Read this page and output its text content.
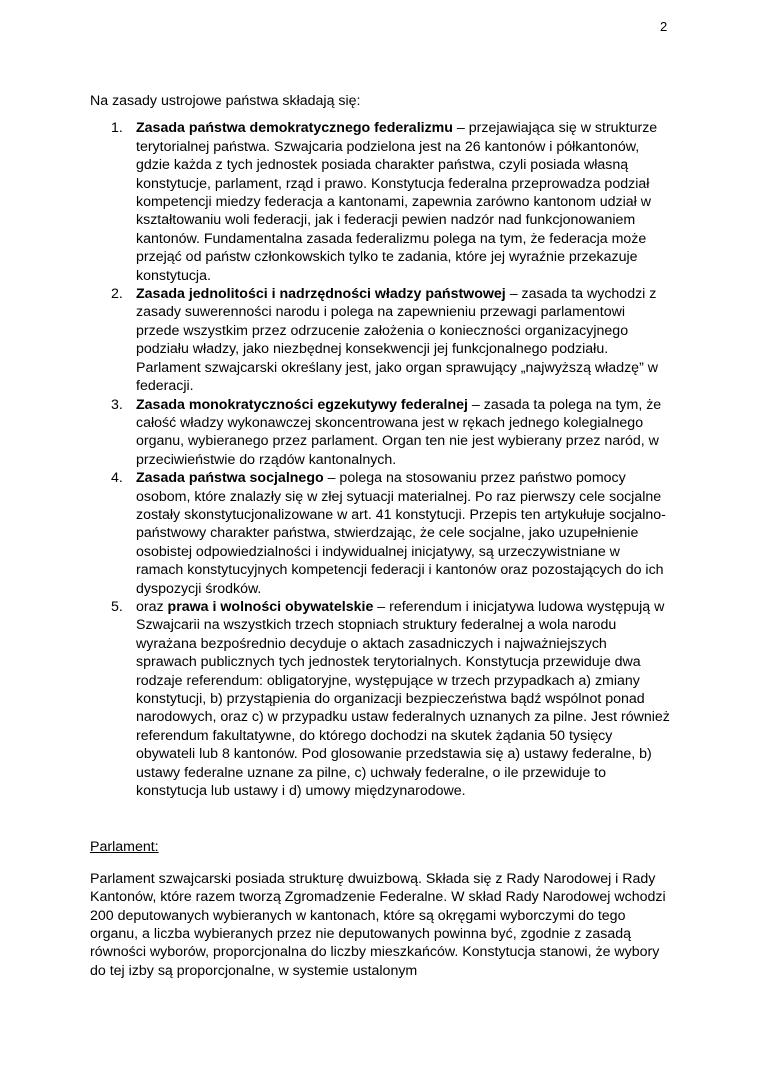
2

Na zasady ustrojowe państwa składają się:

1. Zasada państwa demokratycznego federalizmu – przejawiająca się w strukturze terytorialnej państwa. Szwajcaria podzielona jest na 26 kantonów i półkantonów, gdzie każda z tych jednostek posiada charakter państwa, czyli posiada własną konstytucje, parlament, rząd i prawo. Konstytucja federalna przeprowadza podział kompetencji miedzy federacja a kantonami, zapewnia zarówno kantonom udział w kształtowaniu woli federacji, jak i federacji pewien nadzór nad funkcjonowaniem kantonów. Fundamentalna zasada federalizmu polega na tym, że federacja może przejąć od państw członkowskich tylko te zadania, które jej wyraźnie przekazuje konstytucja.
2. Zasada jednolitości i nadrzędności władzy państwowej – zasada ta wychodzi z zasady suwerenności narodu i polega na zapewnieniu przewagi parlamentowi przede wszystkim przez odrzucenie założenia o konieczności organizacyjnego podziału władzy, jako niezbędnej konsekwencji jej funkcjonalnego podziału. Parlament szwajcarski określany jest, jako organ sprawujący „najwyższą władzę” w federacji.
3. Zasada monokratyczności egzekutywy federalnej – zasada ta polega na tym, że całość władzy wykonawczej skoncentrowana jest w rękach jednego kolegialnego organu, wybieranego przez parlament. Organ ten nie jest wybierany przez naród, w przeciwieństwie do rządów kantonalnych.
4. Zasada państwa socjalnego – polega na stosowaniu przez państwo pomocy osobom, które znalazły się w złej sytuacji materialnej. Po raz pierwszy cele socjalne zostały skonstytucjonalizowane w art. 41 konstytucji. Przepis ten artykułuje socjalno-państwowy charakter państwa, stwierdzając, że cele socjalne, jako uzupełnienie osobistej odpowiedzialności i indywidualnej inicjatywy, są urzeczywistniane w ramach konstytucyjnych kompetencji federacji i kantonów oraz pozostających do ich dyspozycji środków.
5. oraz prawa i wolności obywatelskie – referendum i inicjatywa ludowa występują w Szwajcarii na wszystkich trzech stopniach struktury federalnej a wola narodu wyrażana bezpośrednio decyduje o aktach zasadniczych i najważniejszych sprawach publicznych tych jednostek terytorialnych. Konstytucja przewiduje dwa rodzaje referendum: obligatoryjne, występujące w trzech przypadkach a) zmiany konstytucji, b) przystąpienia do organizacji bezpieczeństwa bądź wspólnot ponad narodowych, oraz c) w przypadku ustaw federalnych uznanych za pilne. Jest również referendum fakultatywne, do którego dochodzi na skutek żądania 50 tysięcy obywateli lub 8 kantonów. Pod glosowanie przedstawia się a) ustawy federalne, b) ustawy federalne uznane za pilne, c) uchwały federalne, o ile przewiduje to konstytucja lub ustawy i d) umowy międzynarodowe.

Parlament:

Parlament szwajcarski posiada strukturę dwuizbową. Składa się z Rady Narodowej i Rady Kantonów, które razem tworzą Zgromadzenie Federalne. W skład Rady Narodowej wchodzi 200 deputowanych wybieranych w kantonach, które są okręgami wyborczymi do tego organu, a liczba wybieranych przez nie deputowanych powinna być, zgodnie z zasadą równości wyborów, proporcjonalna do liczby mieszkańców. Konstytucja stanowi, że wybory do tej izby są proporcjonalne, w systemie ustalonym
